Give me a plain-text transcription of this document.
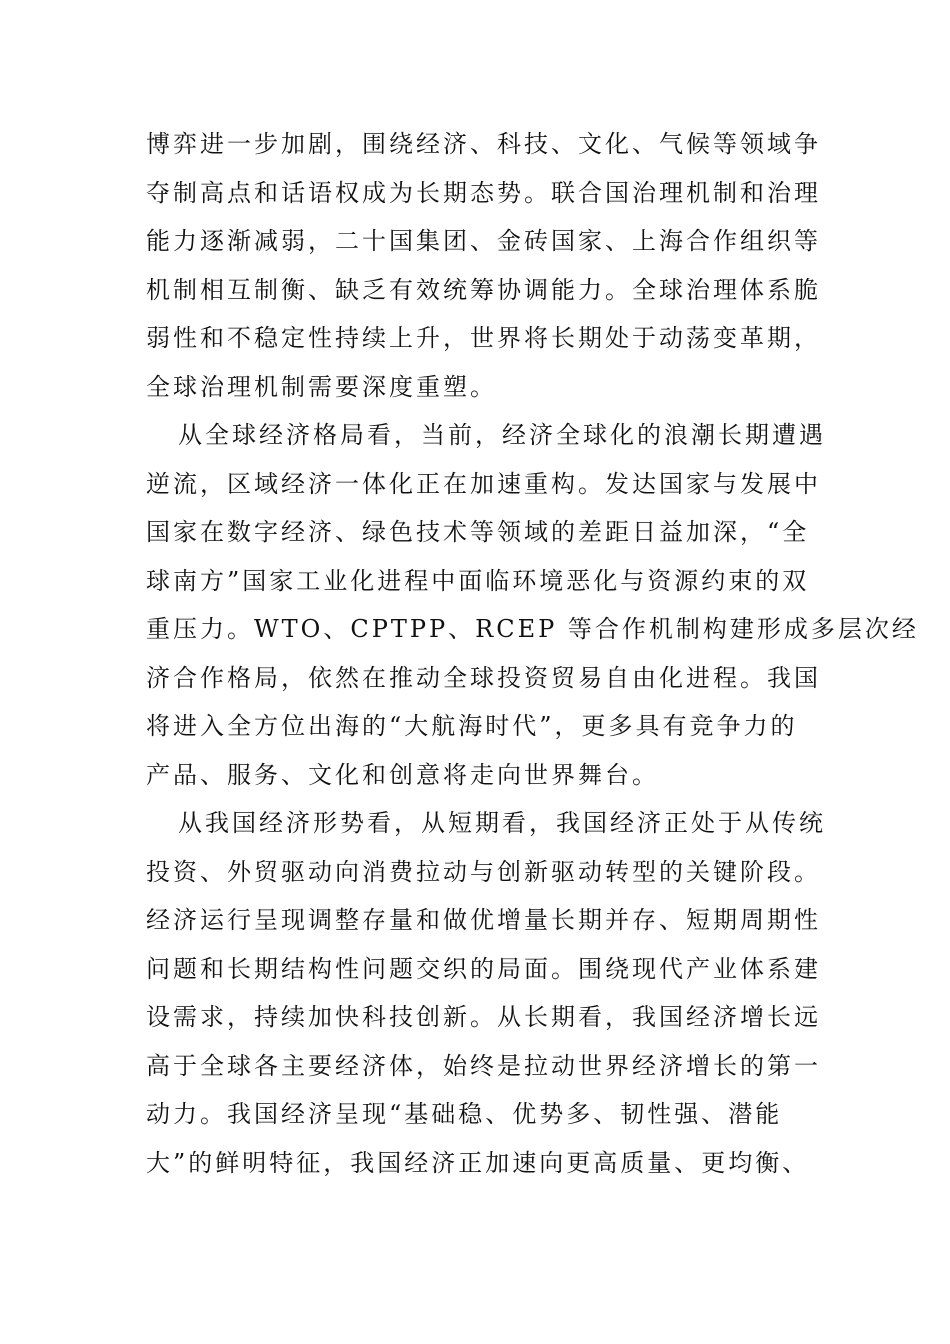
博弈进一步加剧，围绕经济、科技、文化、气候等领域争
夺制高点和话语权成为长期态势。联合国治理机制和治理
能力逐渐减弱，二十国集团、金砖国家、上海合作组织等
机制相互制衡、缺乏有效统筹协调能力。全球治理体系脆
弱性和不稳定性持续上升，世界将长期处于动荡变革期，
全球治理机制需要深度重塑。
从全球经济格局看，当前，经济全球化的浪潮长期遭遇
逆流，区域经济一体化正在加速重构。发达国家与发展中
国家在数字经济、绿色技术等领域的差距日益加深，“全
球南方”国家工业化进程中面临环境恶化与资源约束的双
重压力。WTO、CPTPP、RCEP 等合作机制构建形成多层次经
济合作格局，依然在推动全球投资贸易自由化进程。我国
将进入全方位出海的“大航海时代”，更多具有竞争力的
产品、服务、文化和创意将走向世界舞台。
从我国经济形势看，从短期看，我国经济正处于从传统
投资、外贸驱动向消费拉动与创新驱动转型的关键阶段。
经济运行呈现调整存量和做优增量长期并存、短期周期性
问题和长期结构性问题交织的局面。围绕现代产业体系建
设需求，持续加快科技创新。从长期看，我国经济增长远
高于全球各主要经济体，始终是拉动世界经济增长的第一
动力。我国经济呈现“基础稳、优势多、韧性强、潜能
大”的鲜明特征，我国经济正加速向更高质量、更均衡、
